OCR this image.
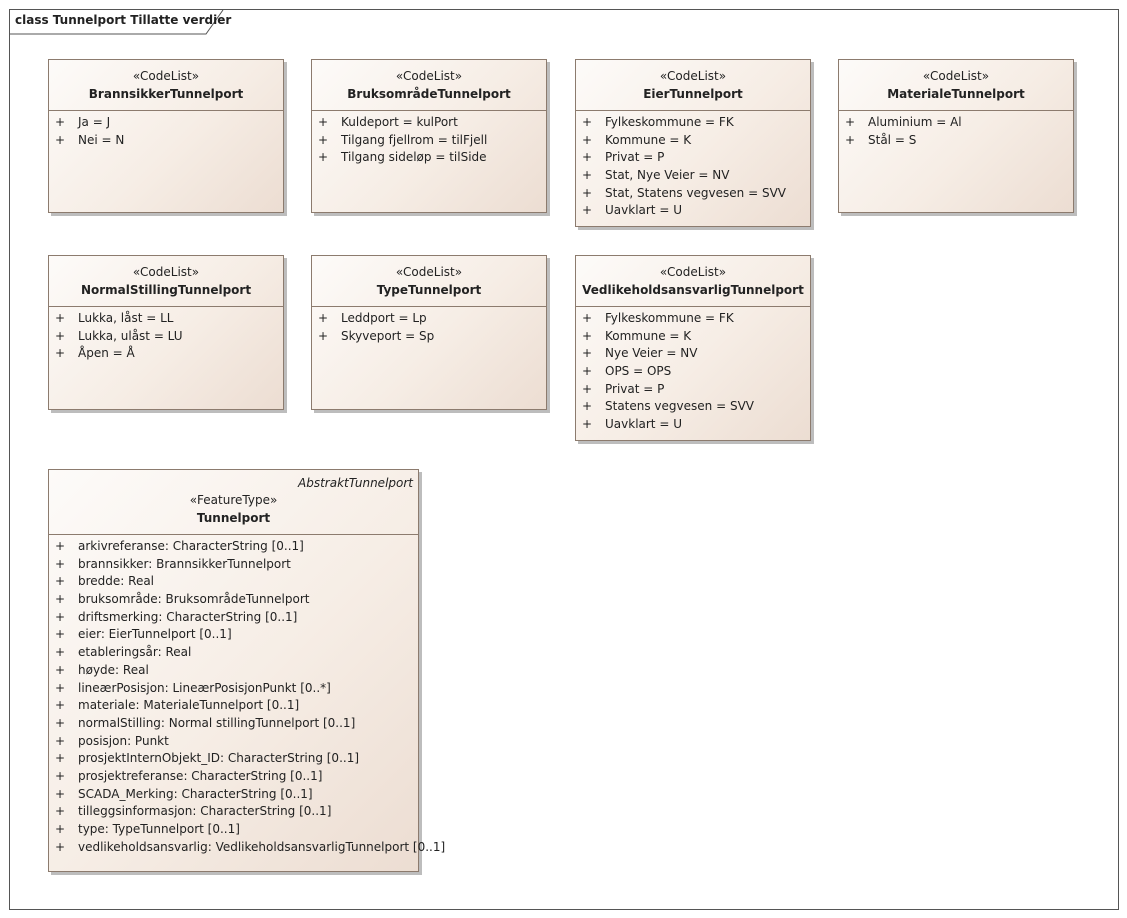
class Tunnelport Tillatte verdier
«CodeList»
BrannsikkerTunnelport
+ Ja = J
+ Nei = N
«CodeList»
BruksområdeTunnelport
+ Kuldeport = kulPort
+ Tilgang fjellrom = tilFjell
+ Tilgang sideløp = tilSide
«CodeList»
EierTunnelport
+ Fylkeskommune = FK
+ Kommune = K
+ Privat = P
+ Stat, Nye Veier = NV
+ Stat, Statens vegvesen = SVV
+ Uavklart = U
«CodeList»
MaterialeTunnelport
+ Aluminium = Al
+ Stål = S
«CodeList»
NormalStillingTunnelport
+ Lukka, låst = LL
+ Lukka, ulåst = LU
+ Åpen = Å
«CodeList»
TypeTunnelport
+ Leddport = Lp
+ Skyveport = Sp
«CodeList»
VedlikeholdsansvarligTunnelport
+ Fylkeskommune = FK
+ Kommune = K
+ Nye Veier = NV
+ OPS = OPS
+ Privat = P
+ Statens vegvesen = SVV
+ Uavklart = U
AbstraktTunnelport
«FeatureType»
Tunnelport
+ arkivreferanse: CharacterString [0..1]
+ brannsikker: BrannsikkerTunnelport
+ bredde: Real
+ bruksområde: BruksområdeTunnelport
+ driftsmerking: CharacterString [0..1]
+ eier: EierTunnelport [0..1]
+ etableringsår: Real
+ høyde: Real
+ lineærPosisjon: LineærPosisjonPunkt [0..*]
+ materiale: MaterialeTunnelport [0..1]
+ normalStilling: Normal stillingTunnelport [0..1]
+ posisjon: Punkt
+ prosjektInternObjekt_ID: CharacterString [0..1]
+ prosjektreferanse: CharacterString [0..1]
+ SCADA_Merking: CharacterString [0..1]
+ tilleggsinformasjon: CharacterString [0..1]
+ type: TypeTunnelport [0..1]
+ vedlikeholdsansvarlig: VedlikeholdsansvarligTunnelport [0..1]
